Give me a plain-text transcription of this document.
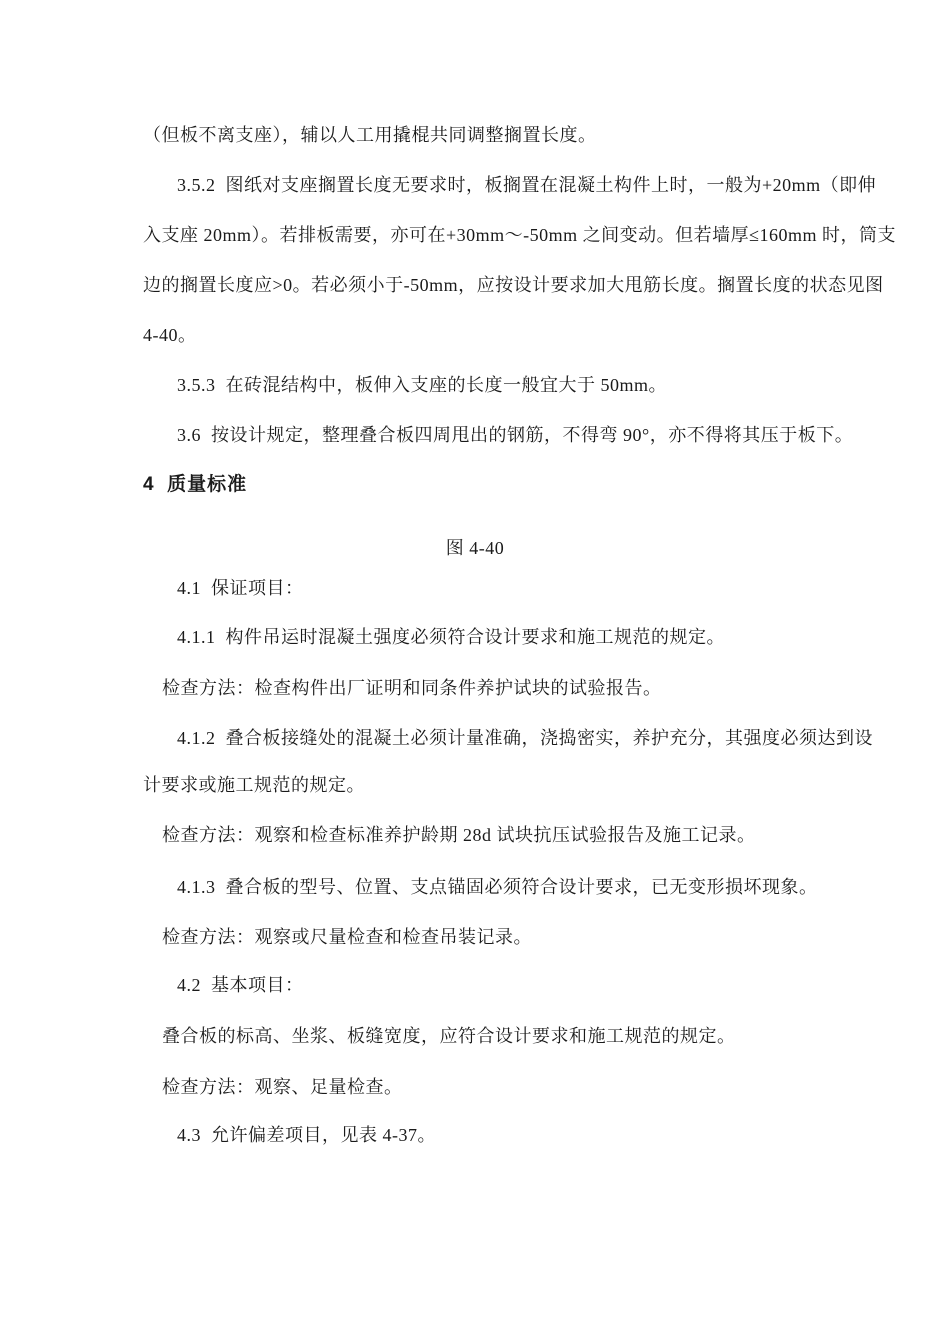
（但板不离支座），辅以人工用撬棍共同调整搁置长度。
3.5.2  图纸对支座搁置长度无要求时，板搁置在混凝土构件上时，一般为+20mm（即伸
入支座 20mm）。若排板需要，亦可在+30mm～-50mm 之间变动。但若墙厚≤160mm 时，筒支
边的搁置长度应>0。若必须小于-50mm，应按设计要求加大甩筋长度。搁置长度的状态见图
4-40。
3.5.3  在砖混结构中，板伸入支座的长度一般宜大于 50mm。
3.6  按设计规定，整理叠合板四周甩出的钢筋，不得弯 90°，亦不得将其压于板下。
4  质量标准
图 4-40
4.1  保证项目：
4.1.1  构件吊运时混凝土强度必须符合设计要求和施工规范的规定。
检查方法：检查构件出厂证明和同条件养护试块的试验报告。
4.1.2  叠合板接缝处的混凝土必须计量准确，浇捣密实，养护充分，其强度必须达到设
计要求或施工规范的规定。
检查方法：观察和检查标准养护龄期 28d 试块抗压试验报告及施工记录。
4.1.3  叠合板的型号、位置、支点锚固必须符合设计要求，已无变形损坏现象。
检查方法：观察或尺量检查和检查吊装记录。
4.2  基本项目：
叠合板的标高、坐浆、板缝宽度，应符合设计要求和施工规范的规定。
检查方法：观察、足量检查。
4.3  允许偏差项目，见表 4-37。
